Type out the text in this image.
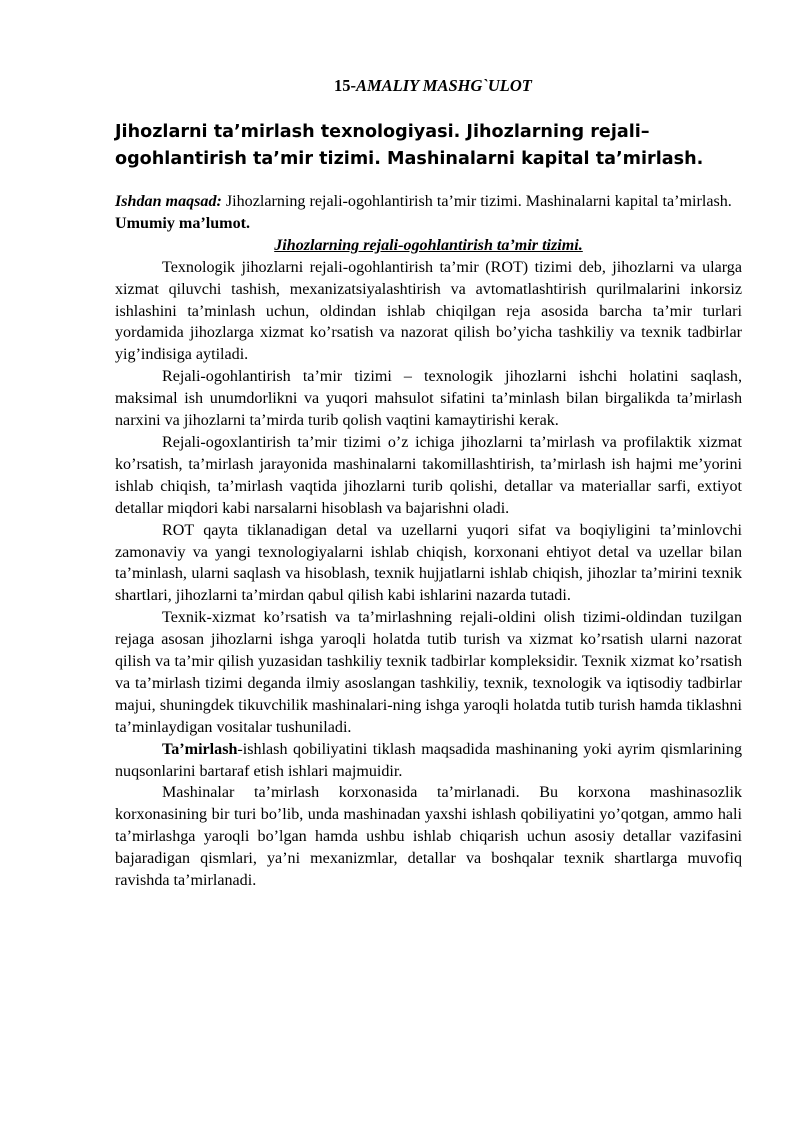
15-AMALIY MASHG`ULOT
Jihozlarni ta’mirlash texnologiyasi. Jihozlarning rejali–ogohlantirish ta’mir tizimi. Mashinalarni kapital ta’mirlash.

Ishdan maqsad: Jihozlarning rejali-ogohlantirish ta’mir tizimi. Mashinalarni kapital ta’mirlash.

Umumiy ma’lumot.

Jihozlarning rejali-ogohlantirish ta’mir tizimi.

Texnologik jihozlarni rejali-ogohlantirish ta’mir (ROT) tizimi deb, jihozlarni va ularga xizmat qiluvchi tashish, mexanizatsiyalashtirish va avtomatlashtirish qurilmalarini inkorsiz ishlashini ta’minlash uchun, oldindan ishlab chiqilgan reja asosida barcha ta’mir turlari yordamida jihozlarga xizmat ko’rsatish va nazorat qilish bo’yicha tashkiliy va texnik tadbirlar yig’indisiga aytiladi.

Rejali-ogohlantirish ta’mir tizimi – texnologik jihozlarni ishchi holatini saqlash, maksimal ish unumdorlikni va yuqori mahsulot sifatini ta’minlash bilan birgalikda ta’mirlash narxini va jihozlarni ta’mirda turib qolish vaqtini kamaytirishi kerak.

Rejali-ogoxlantirish ta’mir tizimi o’z ichiga jihozlarni ta’mirlash va profilaktik xizmat ko’rsatish, ta’mirlash jarayonida mashinalarni takomillashtirish, ta’mirlash ish hajmi me’yorini ishlab chiqish, ta’mirlash vaqtida jihozlarni turib qolishi, detallar va materiallar sarfi, extiyot detallar miqdori kabi narsalarni hisoblash va bajarishni oladi.

ROT qayta tiklanadigan detal va uzellarni yuqori sifat va boqiyligini ta’minlovchi zamonaviy va yangi texnologiyalarni ishlab chiqish, korxonani ehtiyot detal va uzellar bilan ta’minlash, ularni saqlash va hisoblash, texnik hujjatlarni ishlab chiqish, jihozlar ta’mirini texnik shartlari, jihozlarni ta’mirdan qabul qilish kabi ishlarini nazarda tutadi.

Texnik-xizmat ko’rsatish va ta’mirlashning rejali-oldini olish tizimi-oldindan tuzilgan rejaga asosan jihozlarni ishga yaroqli holatda tutib turish va xizmat ko’rsatish ularni nazorat qilish va ta’mir qilish yuzasidan tashkiliy texnik tadbirlar kompleksidir. Texnik xizmat ko’rsatish va ta’mirlash tizimi deganda ilmiy asoslangan tashkiliy, texnik, texnologik va iqtisodiy tadbirlar majui, shuningdek tikuvchilik mashinalari-ning ishga yaroqli holatda tutib turish hamda tiklashni ta’minlaydigan vositalar tushuniladi.

Ta’mirlash-ishlash qobiliyatini tiklash maqsadida mashinaning yoki ayrim qismlarining nuqsonlarini bartaraf etish ishlari majmuidir.

Mashinalar ta’mirlash korxonasida ta’mirlanadi. Bu korxona mashinasozlik korxonasining bir turi bo’lib, unda mashinadan yaxshi ishlash qobiliyatini yo’qotgan, ammo hali ta’mirlashga yaroqli bo’lgan hamda ushbu ishlab chiqarish uchun asosiy detallar vazifasini bajaradigan qismlari, ya’ni mexanizmlar, detallar va boshqalar texnik shartlarga muvofiq ravishda ta’mirlanadi.
